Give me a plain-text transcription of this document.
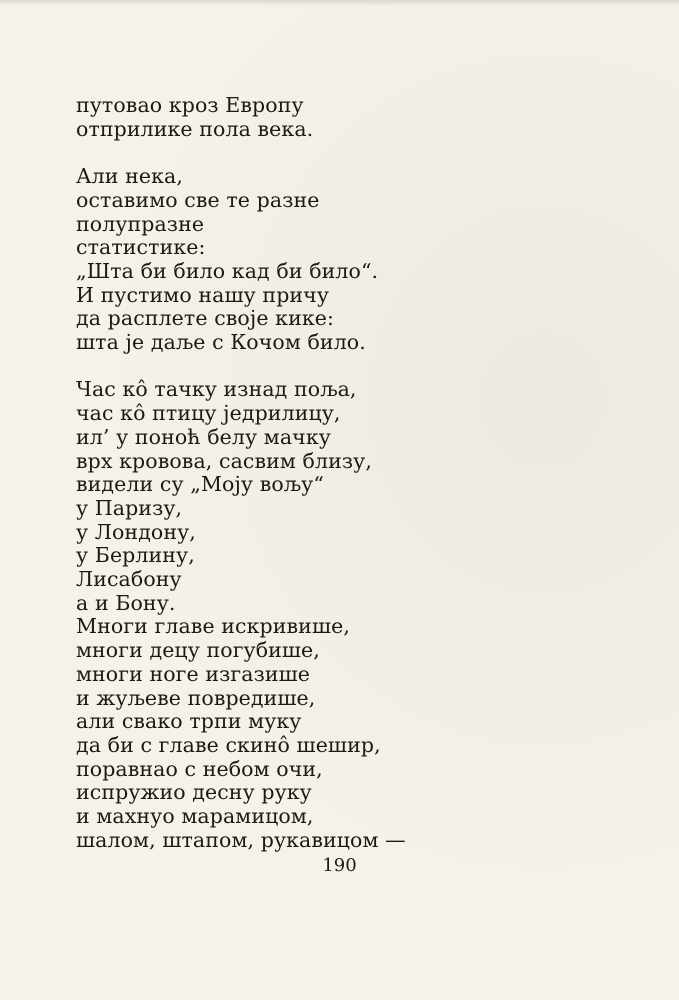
путовао кроз Европу
отприлике пола века.
Али нека,
оставимо све те разне
полупразне
статистике:
„Шта би било кад би било“.
И пустимо нашу причу
да расплете своје кике:
шта је даље с Кочом било.
Час кô тачку изнад поља,
час кô птицу једрилицу,
ил’ у поноћ белу мачку
врх кровова, сасвим близу,
видели су „Моју вољу“
у Паризу,
у Лондону,
у Берлину,
Лисабону
а и Бону.
Многи главе искривише,
многи децу погубише,
многи ноге изгазише
и жуљеве повредише,
али свако трпи муку
да би с главе скинô шешир,
поравнао с небом очи,
испружио десну руку
и махнуо марамицом,
шалом, штапом, рукавицом —
190
